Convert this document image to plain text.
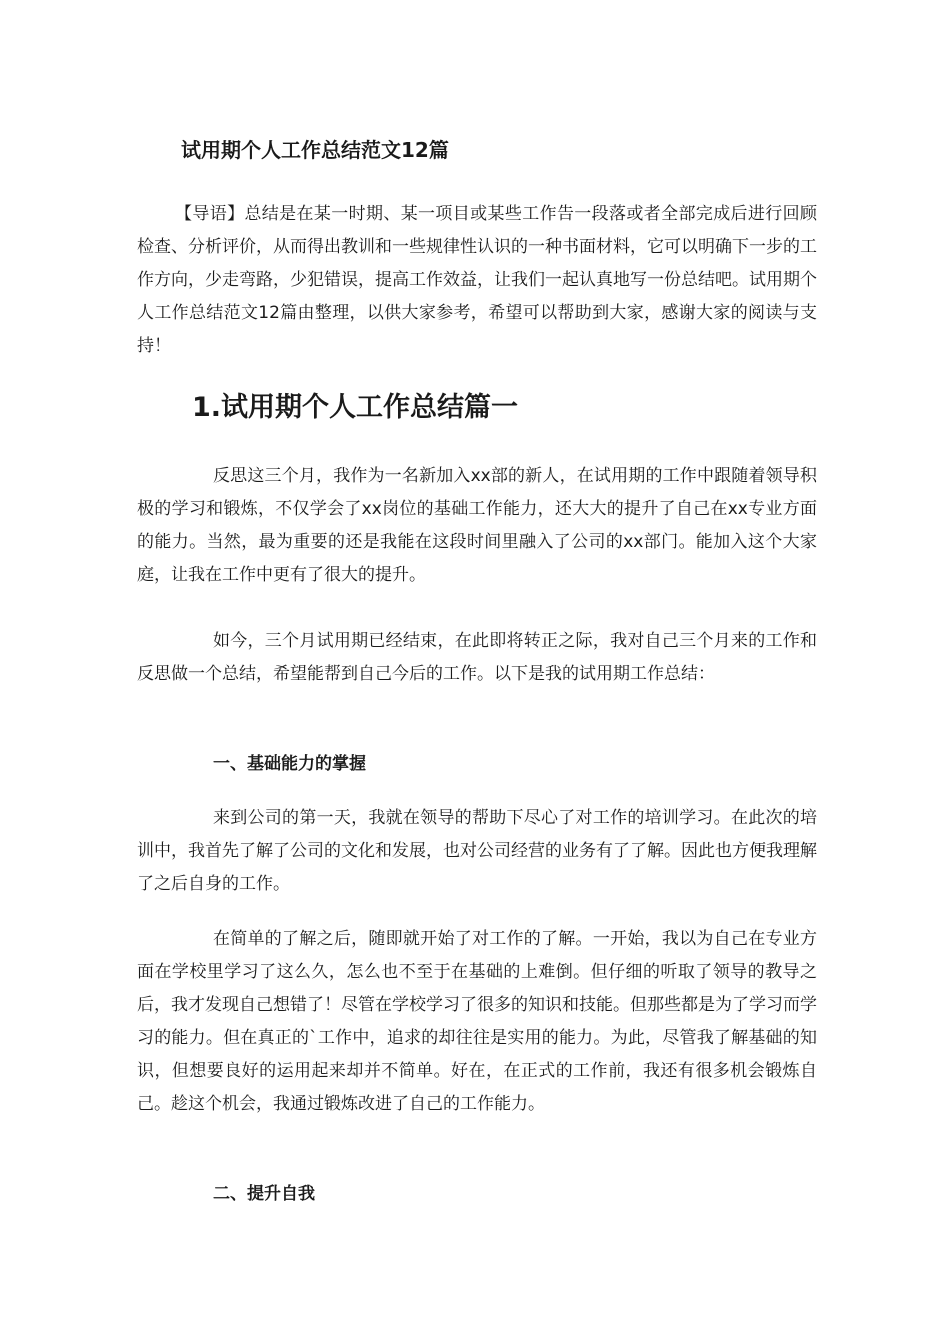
试用期个人工作总结范文12篇

【导语】总结是在某一时期、某一项目或某些工作告一段落或者全部完成后进行回顾检查、分析评价，从而得出教训和一些规律性认识的一种书面材料，它可以明确下一步的工作方向，少走弯路，少犯错误，提高工作效益，让我们一起认真地写一份总结吧。试用期个人工作总结范文12篇由整理，以供大家参考，希望可以帮助到大家，感谢大家的阅读与支持！

1.试用期个人工作总结篇一

反思这三个月，我作为一名新加入xx部的新人，在试用期的工作中跟随着领导积极的学习和锻炼，不仅学会了xx岗位的基础工作能力，还大大的提升了自己在xx专业方面的能力。当然，最为重要的还是我能在这段时间里融入了公司的xx部门。能加入这个大家庭，让我在工作中更有了很大的提升。

如今，三个月试用期已经结束，在此即将转正之际，我对自己三个月来的工作和反思做一个总结，希望能帮到自己今后的工作。以下是我的试用期工作总结：

一、基础能力的掌握

来到公司的第一天，我就在领导的帮助下尽心了对工作的培训学习。在此次的培训中，我首先了解了公司的文化和发展，也对公司经营的业务有了了解。因此也方便我理解了之后自身的工作。

在简单的了解之后，随即就开始了对工作的了解。一开始，我以为自己在专业方面在学校里学习了这么久，怎么也不至于在基础的上难倒。但仔细的听取了领导的教导之后，我才发现自己想错了！尽管在学校学习了很多的知识和技能。但那些都是为了学习而学习的能力。但在真正的`工作中，追求的却往往是实用的能力。为此，尽管我了解基础的知识，但想要良好的运用起来却并不简单。好在，在正式的工作前，我还有很多机会锻炼自己。趁这个机会，我通过锻炼改进了自己的工作能力。

二、提升自我
